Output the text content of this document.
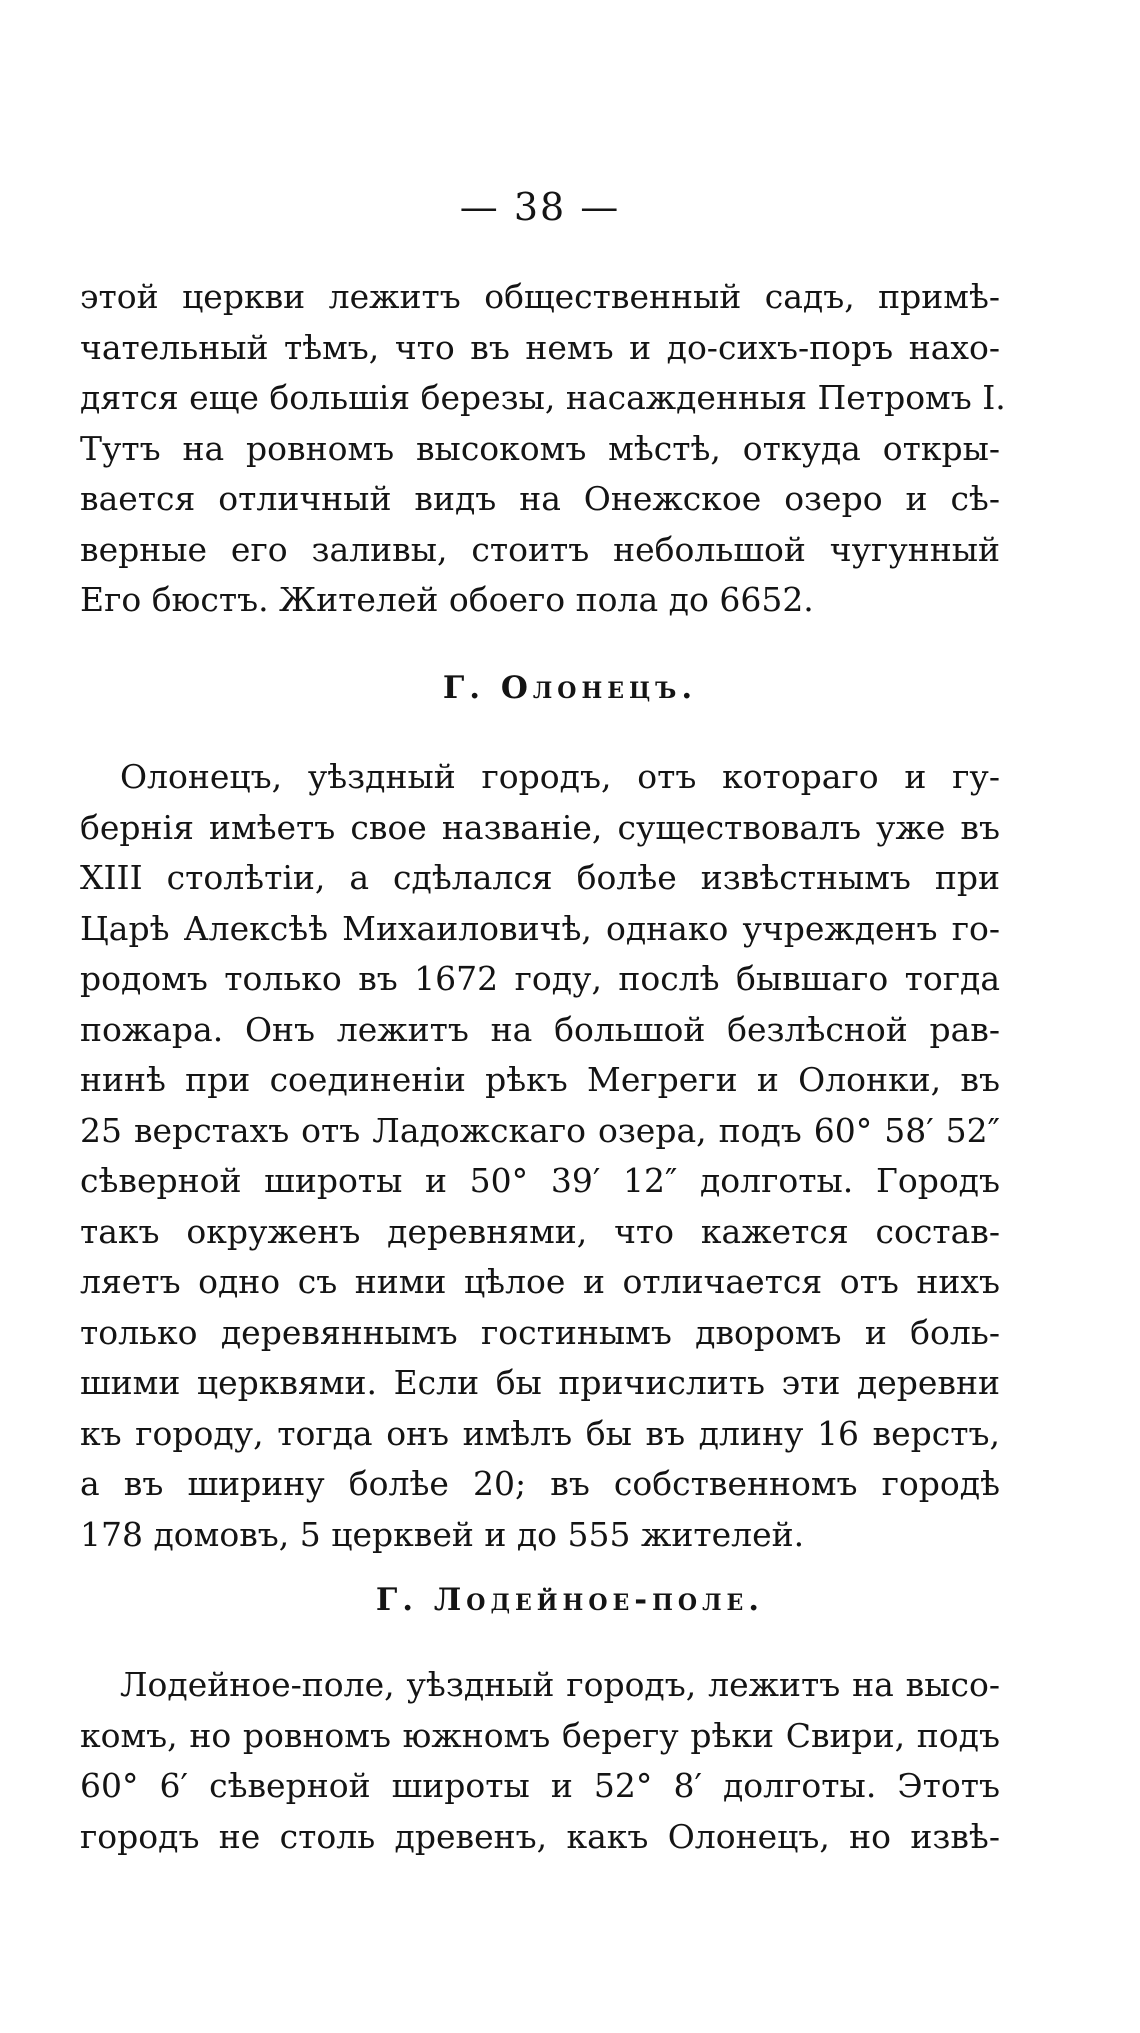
— 38 —
этой церкви лежитъ общественный садъ, примѣ-
чательный тѣмъ, что въ немъ и до-сихъ-поръ нахо-
дятся еще большія березы, насажденныя Петромъ I.
Тутъ на ровномъ высокомъ мѣстѣ, откуда откры-
вается отличный видъ на Онежское озеро и сѣ-
верные его заливы, стоитъ небольшой чугунный
Его бюстъ. Жителей обоего пола до 6652.
Г. Олонецъ.
Олонецъ, уѣздный городъ, отъ котораго и гу-
бернія имѣетъ свое названіе, существовалъ уже въ
XIII столѣтіи, а сдѣлался болѣе извѣстнымъ при
Царѣ Алексѣѣ Михаиловичѣ, однако учрежденъ го-
родомъ только въ 1672 году, послѣ бывшаго тогда
пожара. Онъ лежитъ на большой безлѣсной рав-
нинѣ при соединеніи рѣкъ Мегреги и Олонки, въ
25 верстахъ отъ Ладожскаго озера, подъ 60° 58′ 52″
сѣверной широты и 50° 39′ 12″ долготы. Городъ
такъ окруженъ деревнями, что кажется состав-
ляетъ одно съ ними цѣлое и отличается отъ нихъ
только деревяннымъ гостинымъ дворомъ и боль-
шими церквями. Если бы причислить эти деревни
къ городу, тогда онъ имѣлъ бы въ длину 16 верстъ,
а въ ширину болѣе 20; въ собственномъ городѣ
178 домовъ, 5 церквей и до 555 жителей.
Г. Лодейное-поле.
Лодейное-поле, уѣздный городъ, лежитъ на высо-
комъ, но ровномъ южномъ берегу рѣки Свири, подъ
60° 6′ сѣверной широты и 52° 8′ долготы. Этотъ
городъ не столь древенъ, какъ Олонецъ, но извѣ-
